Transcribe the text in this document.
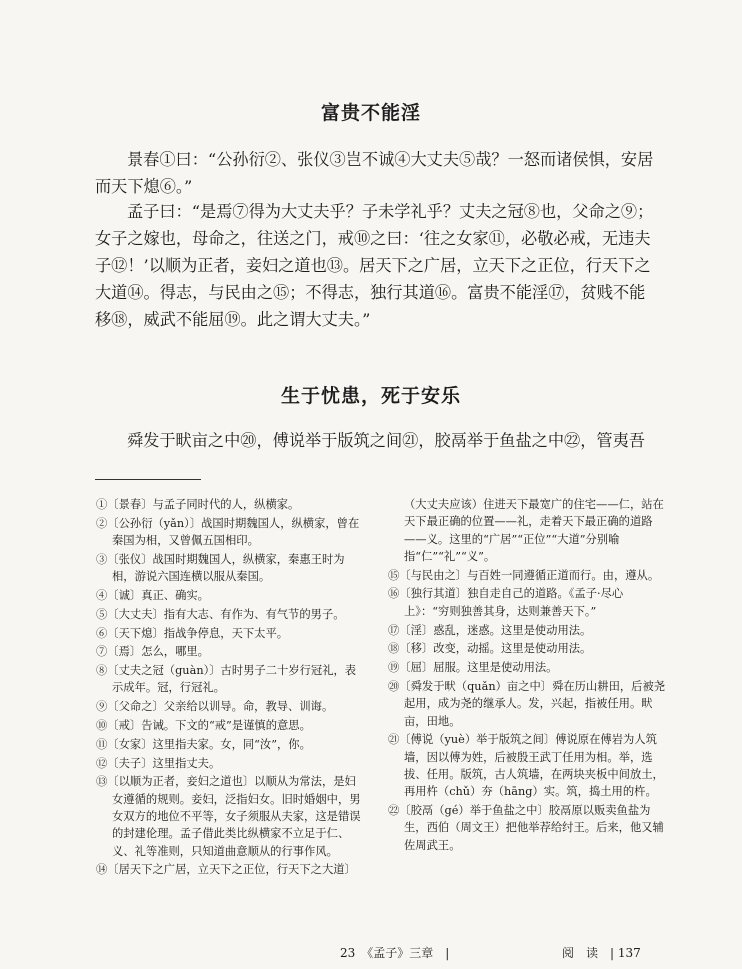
富贵不能淫

景春①曰：“公孙衍②、张仪③岂不诚④大丈夫⑤哉？一怒而诸侯惧，安居而天下熄⑥。”

孟子曰：“是焉⑦得为大丈夫乎？子未学礼乎？丈夫之冠⑧也，父命之⑨；女子之嫁也，母命之，往送之门，戒⑩之曰：‘往之女家⑪，必敬必戒，无违夫子⑫！’以顺为正者，妾妇之道也⑬。居天下之广居，立天下之正位，行天下之大道⑭。得志，与民由之⑮；不得志，独行其道⑯。富贵不能淫⑰，贫贱不能移⑱，威武不能屈⑲。此之谓大丈夫。”

生于忧患，死于安乐

舜发于畎亩之中⑳，傅说举于版筑之间㉑，胶鬲举于鱼盐之中㉒，管夷吾

①〔景春〕与孟子同时代的人，纵横家。

②〔公孙衍（yǎn）〕战国时期魏国人，纵横家，曾在秦国为相，又曾佩五国相印。

③〔张仪〕战国时期魏国人，纵横家，秦惠王时为相，游说六国连横以服从秦国。

④〔诚〕真正、确实。

⑤〔大丈夫〕指有大志、有作为、有气节的男子。

⑥〔天下熄〕指战争停息，天下太平。

⑦〔焉〕怎么，哪里。

⑧〔丈夫之冠（guàn）〕古时男子二十岁行冠礼，表示成年。冠，行冠礼。

⑨〔父命之〕父亲给以训导。命，教导、训诲。

⑩〔戒〕告诫。下文的“戒”是谨慎的意思。

⑪〔女家〕这里指夫家。女，同“汝”，你。

⑫〔夫子〕这里指丈夫。

⑬〔以顺为正者，妾妇之道也〕以顺从为常法，是妇女遵循的规则。妾妇，泛指妇女。旧时婚姻中，男女双方的地位不平等，女子须服从夫家，这是错误的封建伦理。孟子借此类比纵横家不立足于仁、义、礼等准则，只知道曲意顺从的行事作风。

⑭〔居天下之广居，立天下之正位，行天下之大道〕

（大丈夫应该）住进天下最宽广的住宅——仁，站在天下最正确的位置——礼，走着天下最正确的道路——义。这里的“广居”“正位”“大道”分别喻指“仁”“礼”“义”。

⑮〔与民由之〕与百姓一同遵循正道而行。由，遵从。

⑯〔独行其道〕独自走自己的道路。《孟子·尽心上》：“穷则独善其身，达则兼善天下。”

⑰〔淫〕惑乱，迷惑。这里是使动用法。

⑱〔移〕改变，动摇。这里是使动用法。

⑲〔屈〕屈服。这里是使动用法。

⑳〔舜发于畎（quǎn）亩之中〕舜在历山耕田，后被尧起用，成为尧的继承人。发，兴起，指被任用。畎亩，田地。

㉑〔傅说（yuè）举于版筑之间〕傅说原在傅岩为人筑墙，因以傅为姓，后被殷王武丁任用为相。举，选拔、任用。版筑，古人筑墙，在两块夹板中间放土，再用杵（chǔ）夯（hāng）实。筑，捣土用的杵。

㉒〔胶鬲（gé）举于鱼盐之中〕胶鬲原以贩卖鱼盐为生，西伯（周文王）把他举荐给纣王。后来，他又辅佐周武王。

23　《孟子》三章　|	阅　读　| 137
